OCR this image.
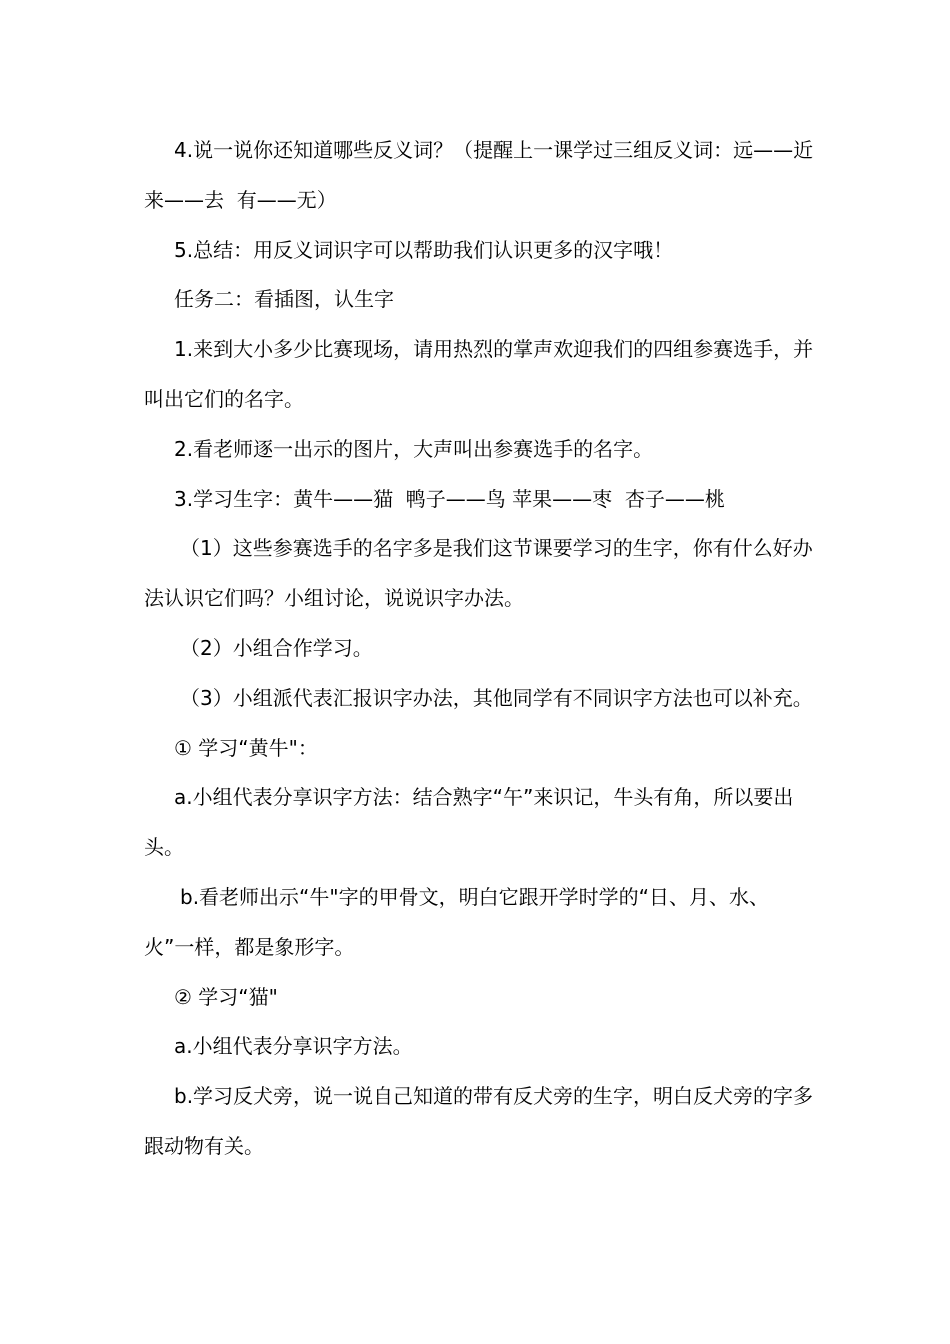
4.说一说你还知道哪些反义词？（提醒上一课学过三组反义词：远——近  来——去  有——无）

5.总结：用反义词识字可以帮助我们认识更多的汉字哦！

任务二：看插图，认生字

1.来到大小多少比赛现场，请用热烈的掌声欢迎我们的四组参赛选手，并叫出它们的名字。

2.看老师逐一出示的图片，大声叫出参赛选手的名字。

3.学习生字：黄牛——猫  鸭子——鸟 苹果——枣  杏子——桃

（1）这些参赛选手的名字多是我们这节课要学习的生字，你有什么好办法认识它们吗？小组讨论，说说识字办法。

（2）小组合作学习。

（3）小组派代表汇报识字办法，其他同学有不同识字方法也可以补充。

① 学习“黄牛"：

a.小组代表分享识字方法：结合熟字“午”来识记，牛头有角，所以要出头。

b.看老师出示“牛"字的甲骨文，明白它跟开学时学的“日、月、水、火”一样，都是象形字。

② 学习“猫"

a.小组代表分享识字方法。

b.学习反犬旁，说一说自己知道的带有反犬旁的生字，明白反犬旁的字多跟动物有关。
